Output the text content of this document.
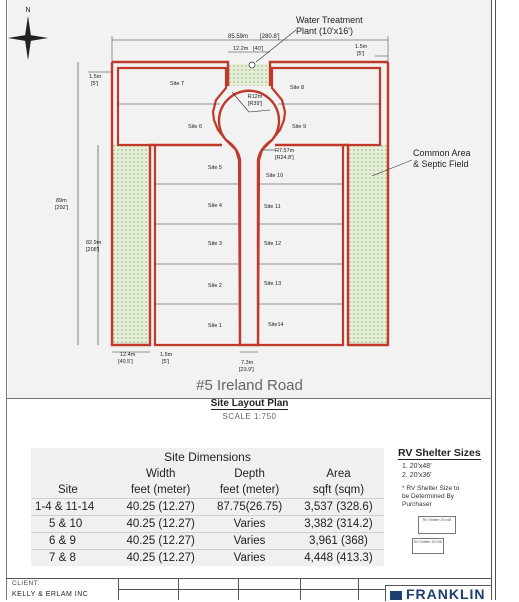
N
R12m
[R39']
R7.57m
[R24.8']
Site 1
Site 2
Site 3
Site 4
Site 5
Site 6
Site 7
Site 8
Site 9
Site 10
Site 11
Site 12
Site 13
Site14
85.59m [280.8']
12.2m [40']	1.5m
[5']
1.5m
[5']
Water Treatment
Plant (10'x16')
Common Area
& Septic Field
89m
[292']
82.9m
[208']
12.4m
[40.5']
1.5m
[5']	7.3m
[23.9']
#5 Ireland Road
Site Layout Plan
SCALE 1:750
Site Dimensions			
	Width	Depth	Area
Site	feet (meter)	feet (meter)	sqft (sqm)
1-4 & 11-14	40.25 (12.27)	87.75(26.75)	3,537 (328.6)
5 & 10	40.25 (12.27)	Varies	3,382 (314.2)
6 & 9	40.25 (12.27)	Varies	3,961 (368)
7 & 8	40.25 (12.27)	Varies	4,448 (413.3)
RV Shelter Sizes
1. 20'x48'
2. 20'x36'
* RV Shelter Size to
be Determined By
Purchaser
RV Shelter 20'x48'
RV Shelter 20'x36'
CLIENT:
KELLY & ERLAM INC	FRANKLIN
